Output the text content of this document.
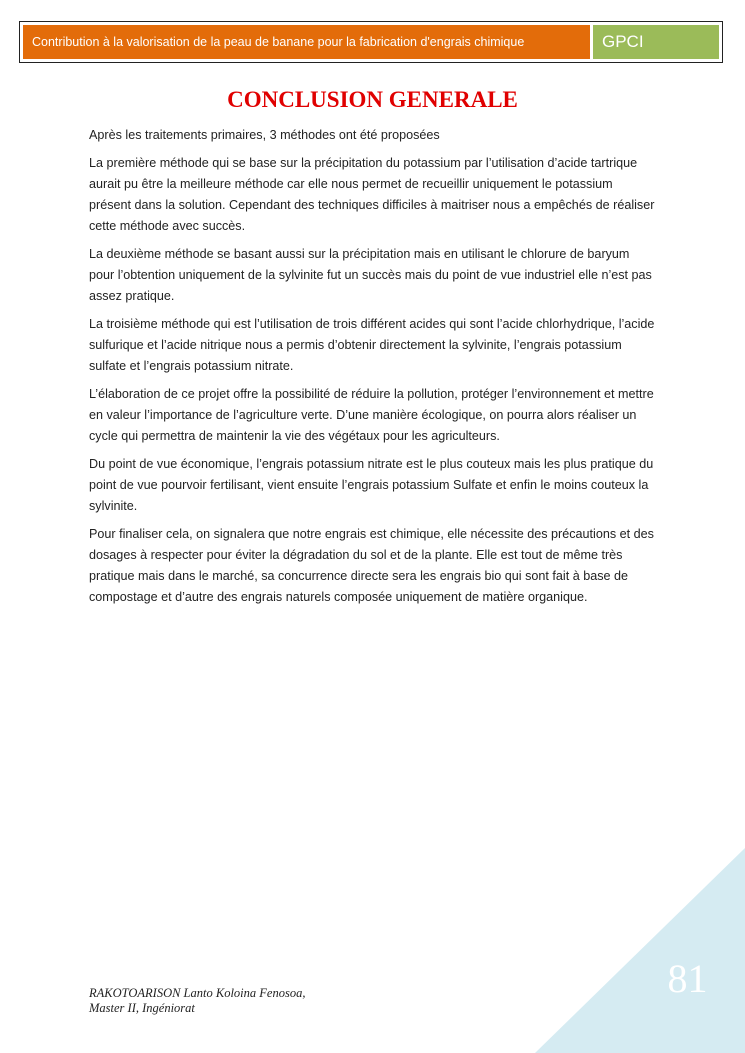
Contribution à la valorisation de la peau de banane pour la fabrication d'engrais chimique	GPCI
CONCLUSION GENERALE

Après les traitements primaires, 3 méthodes ont été proposées

La première méthode qui se base sur la précipitation du potassium par l’utilisation d’acide tartrique aurait pu être la meilleure méthode car elle nous permet de recueillir uniquement le potassium présent dans la solution. Cependant des techniques difficiles à maitriser nous a empêchés de réaliser cette méthode avec succès.

La deuxième méthode se basant aussi sur la précipitation mais en utilisant le chlorure de baryum pour l’obtention uniquement de la sylvinite fut un succès mais du point de vue industriel elle n’est pas assez pratique.

La troisième méthode qui est l’utilisation de trois différent acides qui sont l’acide chlorhydrique, l’acide sulfurique et l’acide nitrique nous a permis d’obtenir directement la sylvinite, l’engrais potassium sulfate et l’engrais potassium nitrate.

L’élaboration de ce projet offre la possibilité de réduire la pollution, protéger l’environnement et mettre en valeur l’importance de l’agriculture verte. D’une manière écologique, on pourra alors réaliser un cycle qui permettra de maintenir la vie des végétaux pour les agriculteurs.

Du point de vue économique, l’engrais potassium nitrate est le plus couteux mais les plus pratique du point de vue pourvoir fertilisant, vient ensuite l’engrais potassium Sulfate et enfin le moins couteux la sylvinite.

Pour finaliser cela, on signalera que notre engrais est chimique, elle nécessite des précautions et des dosages à respecter pour éviter la dégradation du sol et de la plante. Elle est tout de même très pratique mais dans le marché, sa concurrence directe sera les engrais bio qui sont fait à base de compostage et d’autre des engrais naturels composée uniquement de matière organique.

81
RAKOTOARISON Lanto Koloina Fenosoa,
Master II, Ingéniorat
